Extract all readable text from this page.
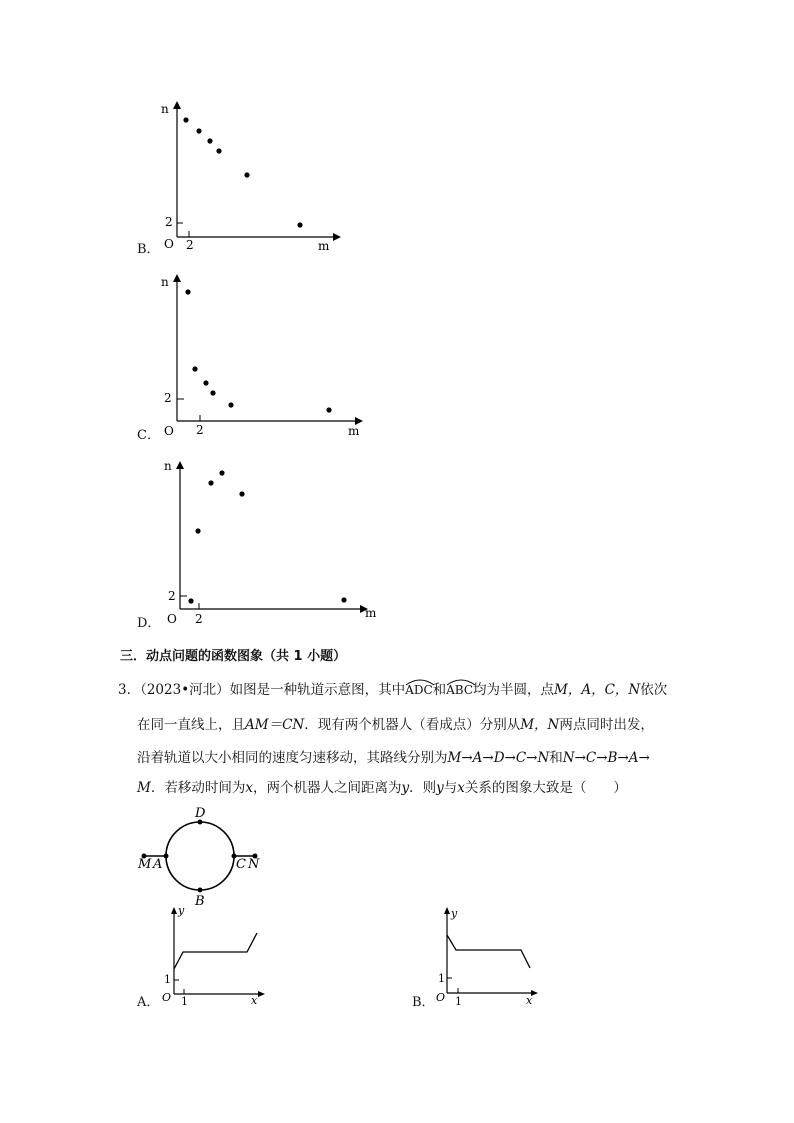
B．
n
m
O 2
2
C．
n
m
O 2
2
D．
n
m
O 2
2
三．动点问题的函数图象（共 1 小题）
3．（2023•河北）如图是一种轨道示意图，其中
ADC和
ABC均为半圆，点M，A，C，N依次
在同一直线上，且AM＝CN．现有两个机器人（看成点）分别从M，N两点同时出发，
沿着轨道以大小相同的速度匀速移动，其路线分别为M→A→D→C→N和N→C→B→A→
M．若移动时间为x，两个机器人之间距离为y．则y与x关系的图象大致是（　　）
D
B
M A	C N
A．
y
x
O 1
1
B．
y
x
O 1
1
